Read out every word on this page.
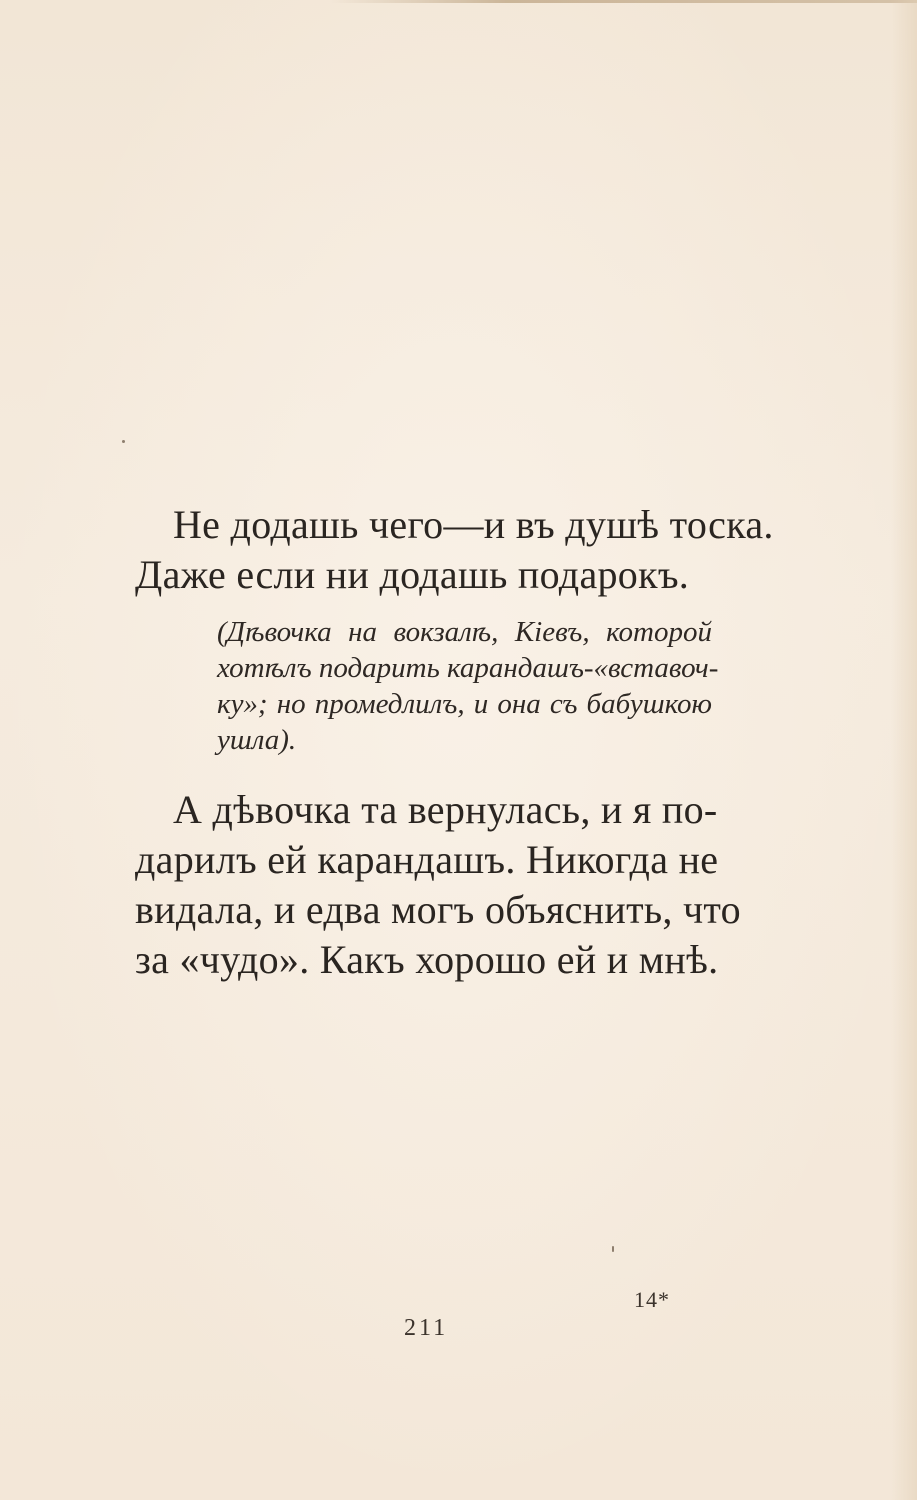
Не додашь чего—и въ душѣ тоска.
Даже если ни додашь подарокъ.

(Дѣвочка на вокзалѣ, Кіевъ, которой
хотѣлъ подарить карандашъ-«вставоч-
ку»; но промедлилъ, и она съ бабушкою
ушла).

А дѣвочка та вернулась, и я по-
дарилъ ей карандашъ. Никогда не
видала, и едва могъ объяснить, что
за «чудо». Какъ хорошо ей и мнѣ.

14*

211
